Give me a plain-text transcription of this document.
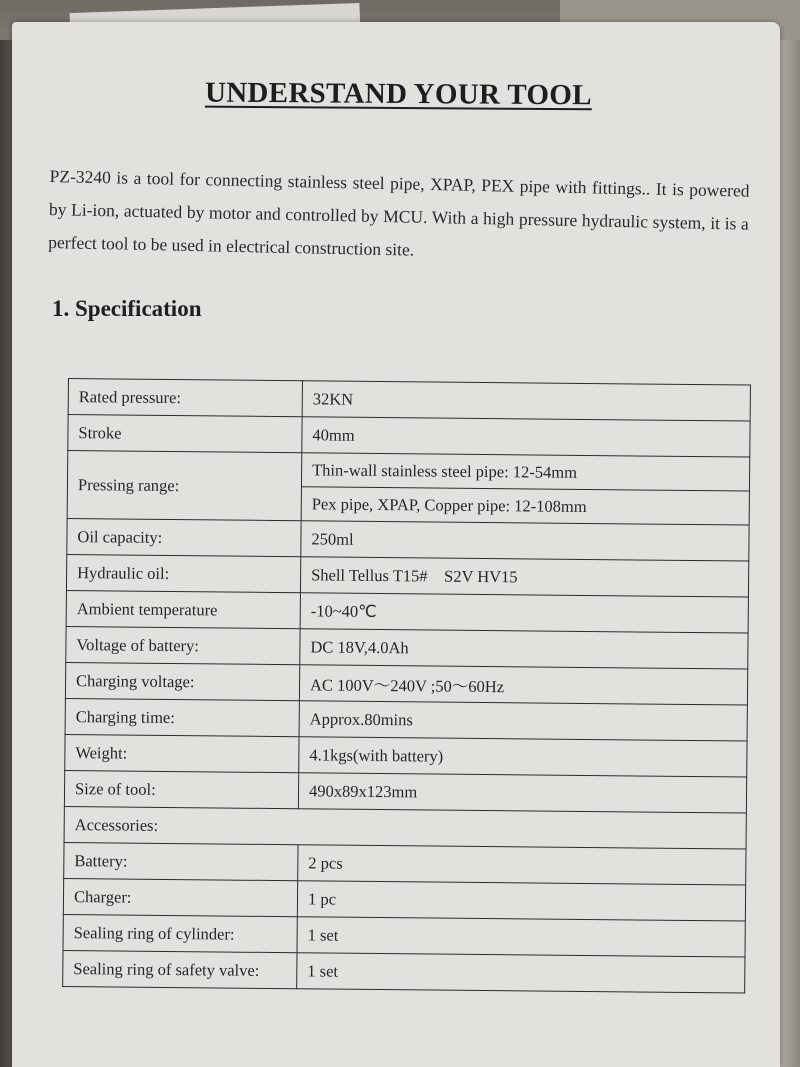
UNDERSTAND YOUR TOOL
PZ-3240 is a tool for connecting stainless steel pipe, XPAP, PEX pipe with fittings.. It is powered by Li-ion, actuated by motor and controlled by MCU. With a high pressure hydraulic system, it is a perfect tool to be used in electrical construction site.
1. Specification
Rated pressure:	32KN
Stroke	40mm
Pressing range:	Thin-wall stainless steel pipe: 12-54mm
	Pex pipe, XPAP, Copper pipe: 12-108mm
Oil capacity:	250ml
Hydraulic oil:	Shell Tellus T15#    S2V HV15
Ambient temperature	-10~40℃
Voltage of battery:	DC 18V,4.0Ah
Charging voltage:	AC 100V～240V ;50～60Hz
Charging time:	Approx.80mins
Weight:	4.1kgs(with battery)
Size of tool:	490x89x123mm
Accessories:	
Battery:	2 pcs
Charger:	1 pc
Sealing ring of cylinder:	1 set
Sealing ring of safety valve:	1 set
